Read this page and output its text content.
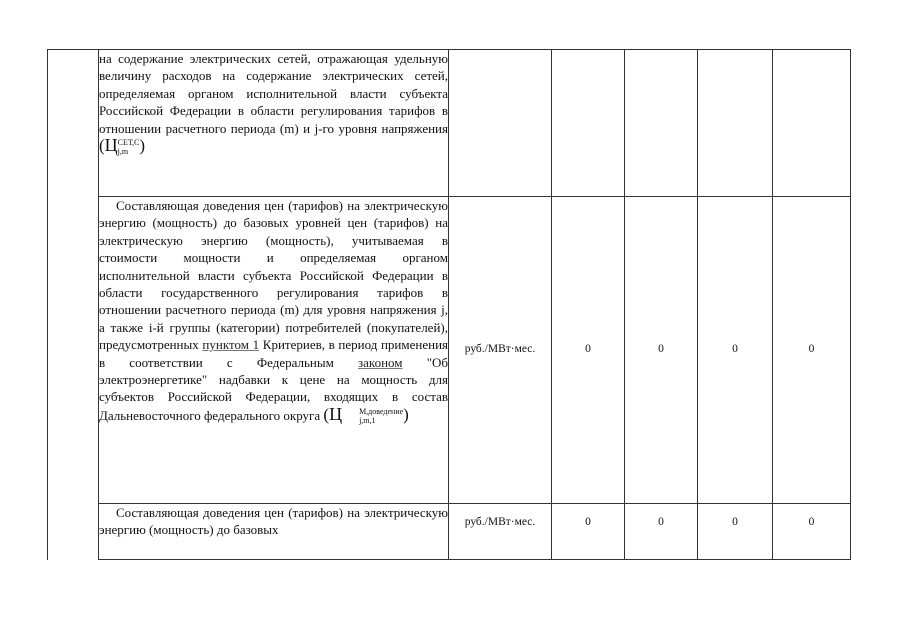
	на содержание электрических сетей, отражающая удельную величину расходов на содержание электрических сетей, определяемая органом исполнительной власти субъекта Российской Федерации в области регулирования тарифов в отношении расчетного периода (m) и j-го уровня напряжения (Ц СЕТ,С
j,m )					

	Составляющая доведения цен (тарифов) на электрическую энергию (мощность) до базовых уровней цен (тарифов) на электрическую энергию (мощность), учитываемая в стоимости мощности и определяемая органом исполнительной власти субъекта Российской Федерации в области государственного регулирования тарифов в отношении расчетного периода (m) для уровня напряжения j, а также i-й группы (категории) потребителей (покупателей), предусмотренных пунктом 1 Критериев, в период применения в соответствии с Федеральным законом "Об электроэнергетике" надбавки к цене на мощность для субъектов Российской Федерации, входящих в состав Дальневосточного федерального округа (Ц М,доведение
j,m,1 )	руб./МВт·мес.	0	0	0	0

	Составляющая доведения цен (тарифов) на электрическую энергию (мощность) до базовых	руб./МВт·мес.	0	0	0	0
